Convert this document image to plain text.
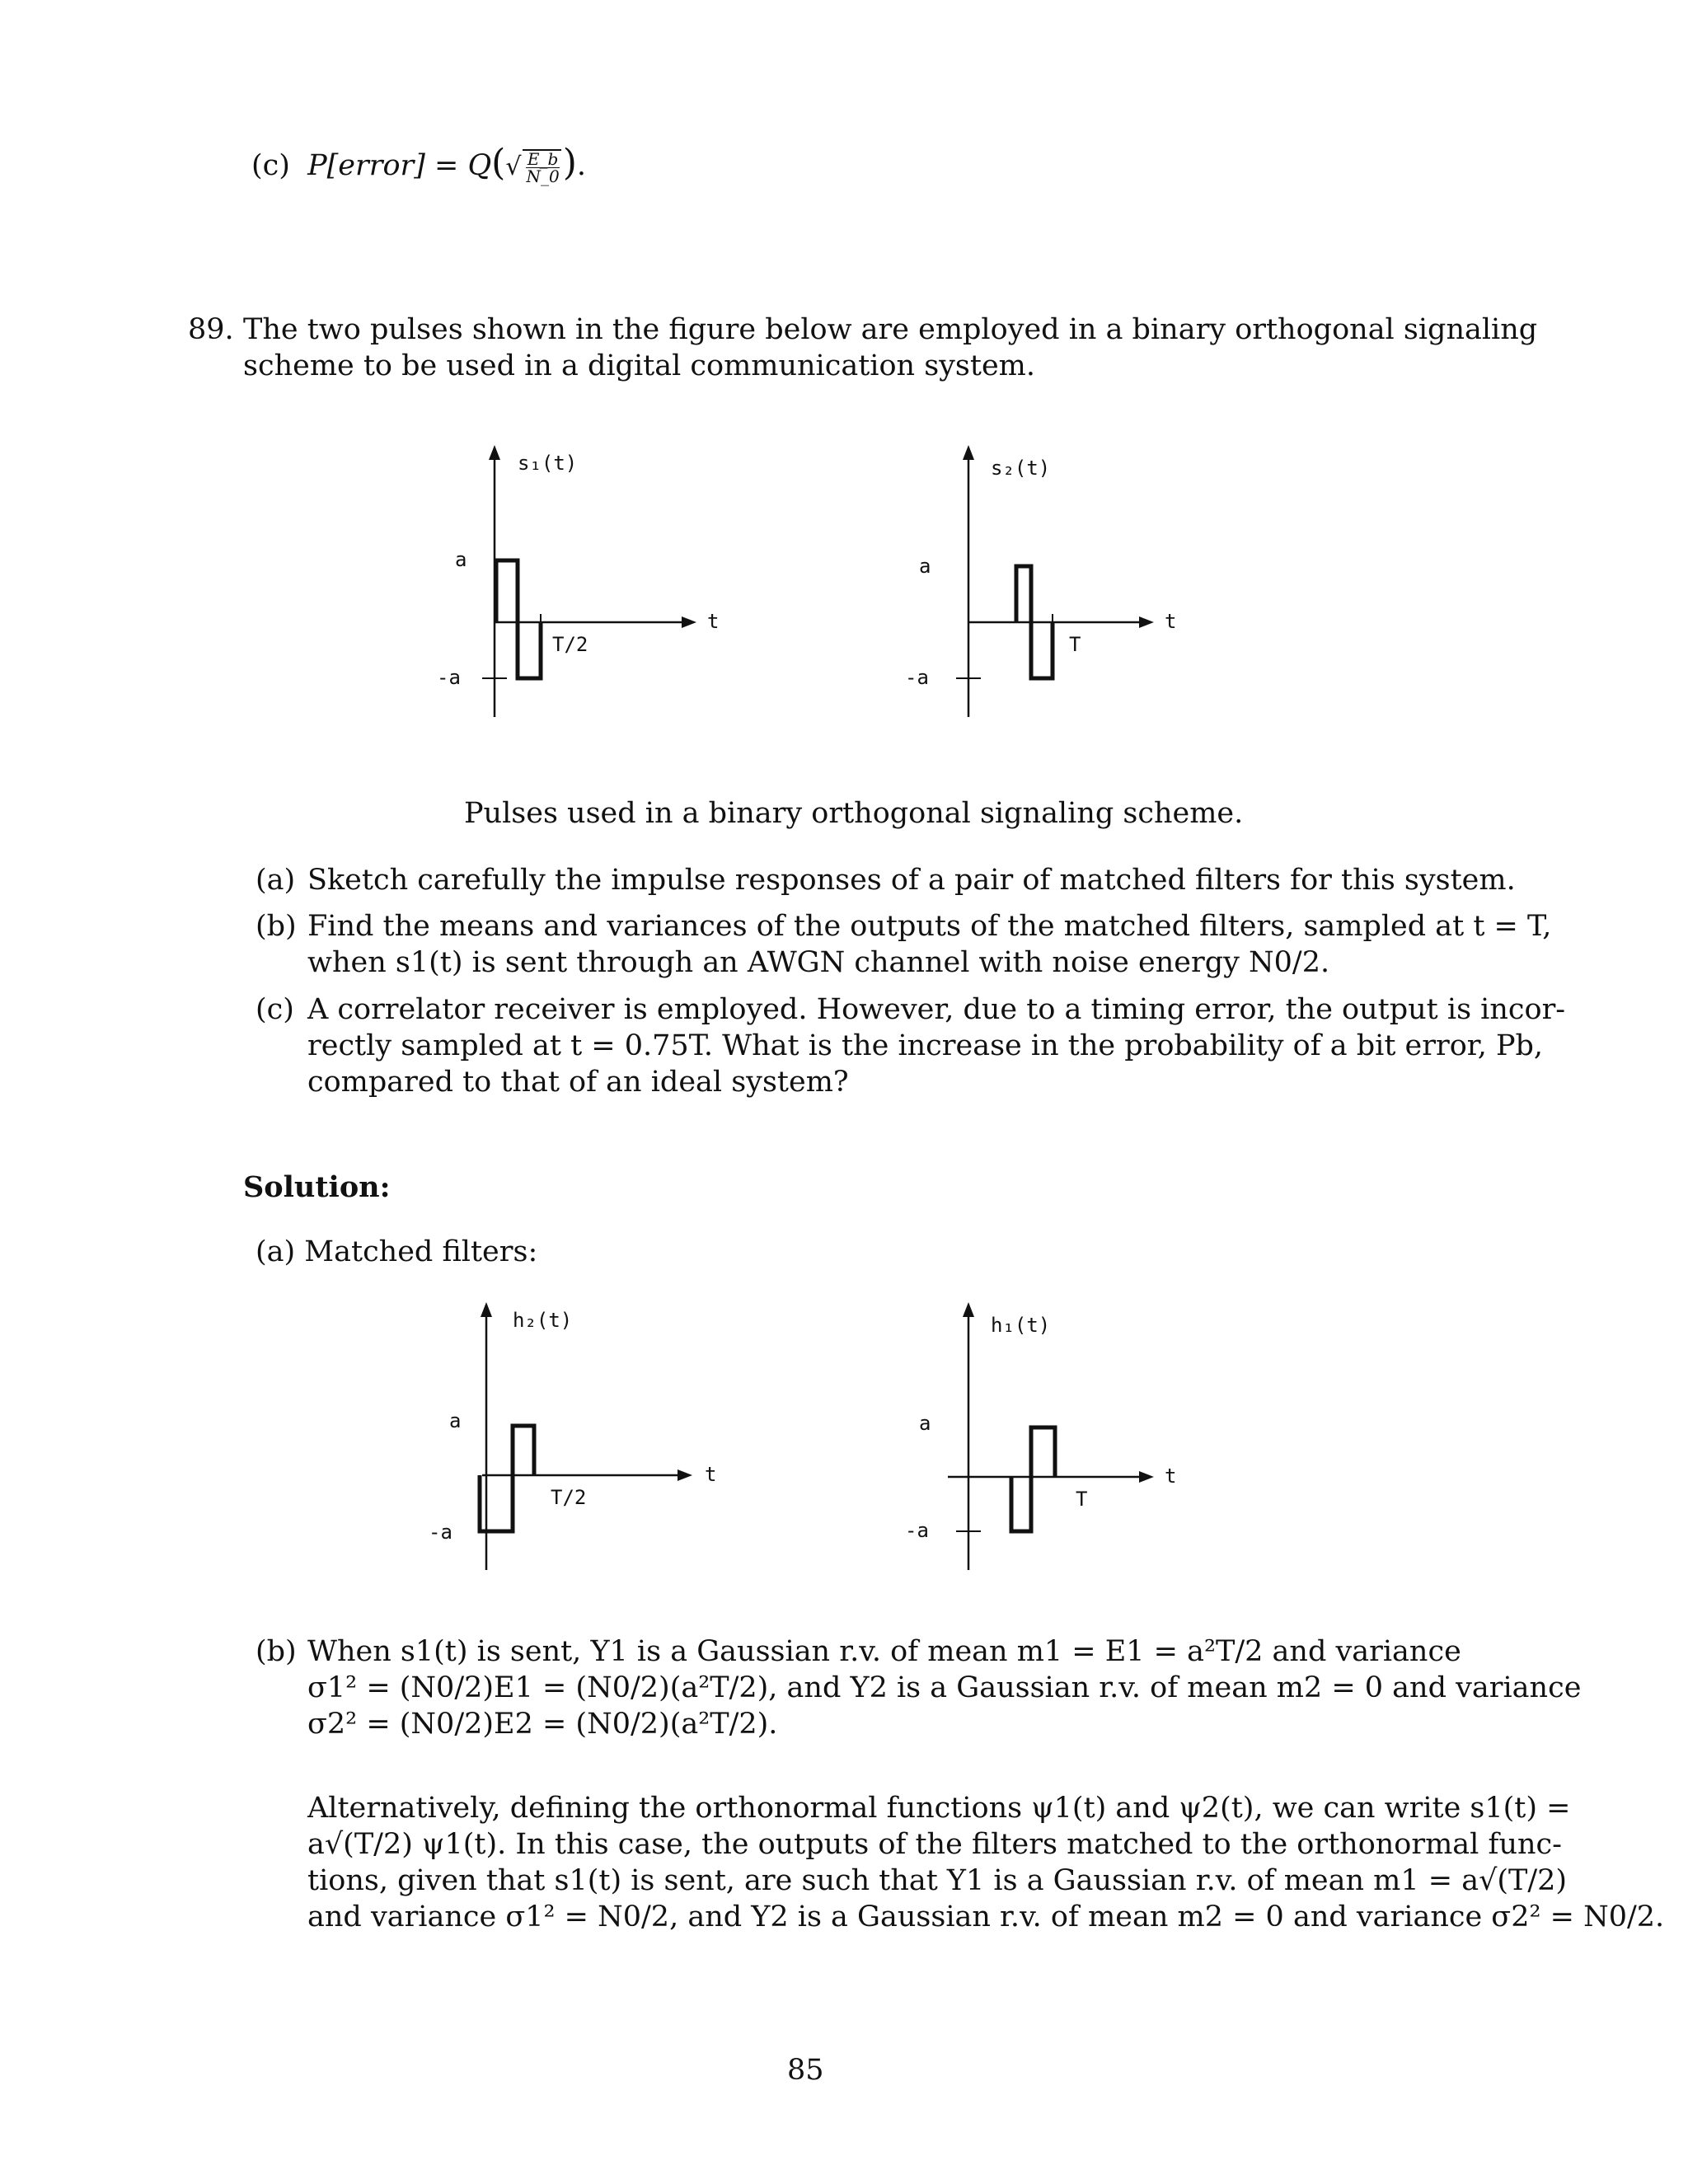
(c) P[error] = $Q(√ \frac{E\_b}{N\_0}$ ).
89. The two pulses shown in the figure below are employed in a binary orthogonal signaling
scheme to be used in a digital communication system.
s₁(t)
a
-a
T/2
t
s₂(t)
a
-a
T
t
Pulses used in a binary orthogonal signaling scheme.
(a) Sketch carefully the impulse responses of a pair of matched filters for this system.
(b) Find the means and variances of the outputs of the matched filters, sampled at t = T,
when s1(t) is sent through an AWGN channel with noise energy N0/2.
(c) A correlator receiver is employed. However, due to a timing error, the output is incor-
rectly sampled at t = 0.75T. What is the increase in the probability of a bit error, Pb,
compared to that of an ideal system?
Solution:
(a) Matched filters:
h₂(t)
a
-a
T/2
t
h₁(t)
a
-a
T
t
(b) When s1(t) is sent, Y1 is a Gaussian r.v. of mean m1 = E1 = a²T/2 and variance
σ1² = (N0/2)E1 = (N0/2)(a²T/2), and Y2 is a Gaussian r.v. of mean m2 = 0 and variance
σ2² = (N0/2)E2 = (N0/2)(a²T/2).
Alternatively, defining the orthonormal functions ψ1(t) and ψ2(t), we can write s1(t) =
a√(T/2) ψ1(t). In this case, the outputs of the filters matched to the orthonormal func-
tions, given that s1(t) is sent, are such that Y1 is a Gaussian r.v. of mean m1 = a√(T/2)
and variance σ1² = N0/2, and Y2 is a Gaussian r.v. of mean m2 = 0 and variance σ2² = N0/2.
85
